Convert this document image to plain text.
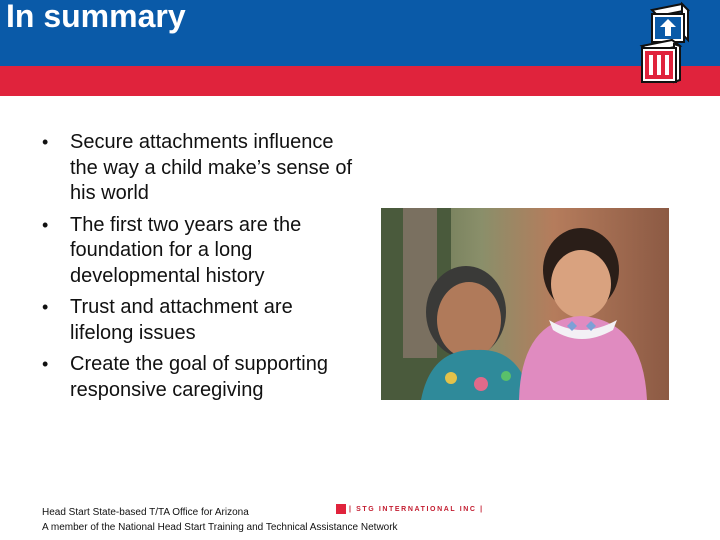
In summary
•	Secure attachments influence the way a child make’s sense of his world
•	The first two years are the foundation for a long developmental history
•	Trust and attachment are lifelong issues
•	Create the goal of supporting responsive caregiving
Head Start State-based T/TA Office for Arizona
A member of the National Head Start Training and Technical Assistance Network
| STG INTERNATIONAL INC |
